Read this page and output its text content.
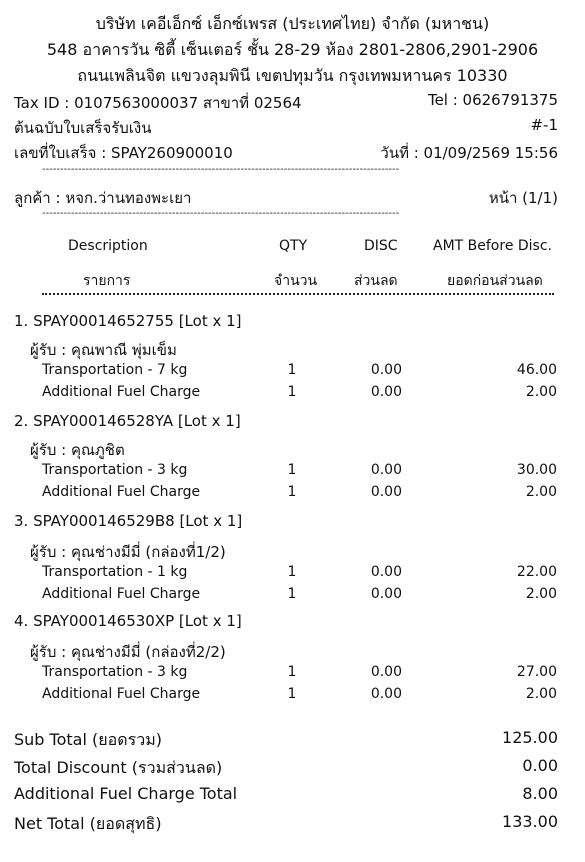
บริษัท เคอีเอ็กซ์ เอ็กซ์เพรส (ประเทศไทย) จำกัด (มหาชน)
548 อาคารวัน ซิตี้ เซ็นเตอร์ ชั้น 28-29 ห้อง 2801-2806,2901-2906
ถนนเพลินจิต แขวงลุมพินี เขตปทุมวัน กรุงเทพมหานคร 10330
Tax ID : 0107563000037 สาขาที่ 02564	Tel : 0626791375
ต้นฉบับใบเสร็จรับเงิน	#-1
เลขที่ใบเสร็จ : SPAY260900010	วันที่ : 01/09/2569 15:56
---------------------------------------------------------------------------------------------------
ลูกค้า : หจก.ว่านทองพะเยา	หน้า (1/1)
---------------------------------------------------------------------------------------------------
Description	QTY	DISC	AMT Before Disc.
รายการ	จำนวน	ส่วนลด	ยอดก่อนส่วนลด
1. SPAY00014652755 [Lot x 1]
ผู้รับ : คุณพาณี พุ่มเข็ม
Transportation - 7 kg	1	0.00	46.00
Additional Fuel Charge	1	0.00	2.00
2. SPAY000146528YA [Lot x 1]
ผู้รับ : คุณภูชิต
Transportation - 3 kg	1	0.00	30.00
Additional Fuel Charge	1	0.00	2.00
3. SPAY000146529B8 [Lot x 1]
ผู้รับ : คุณช่างมีมี่ (กล่องที่1/2)
Transportation - 1 kg	1	0.00	22.00
Additional Fuel Charge	1	0.00	2.00
4. SPAY000146530XP [Lot x 1]
ผู้รับ : คุณช่างมีมี่ (กล่องที่2/2)
Transportation - 3 kg	1	0.00	27.00
Additional Fuel Charge	1	0.00	2.00
Sub Total (ยอดรวม)	125.00
Total Discount (รวมส่วนลด)	0.00
Additional Fuel Charge Total	8.00
Net Total (ยอดสุทธิ)	133.00
